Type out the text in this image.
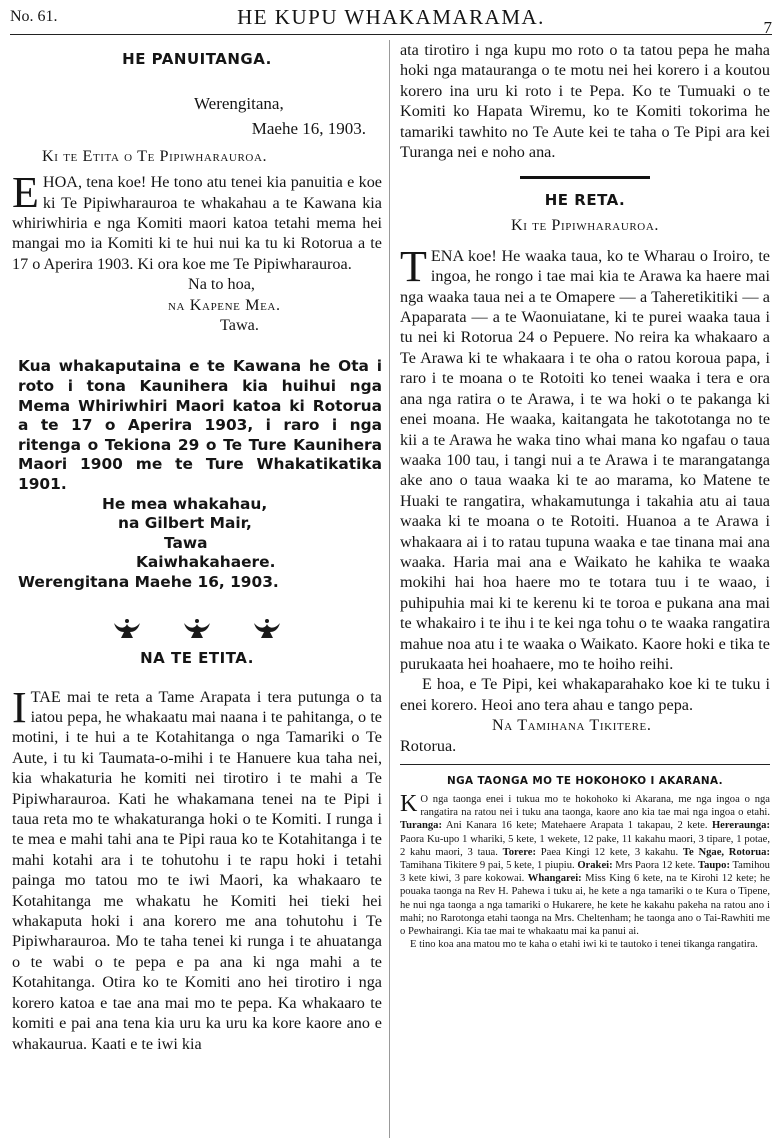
No. 61.	HE KUPU WHAKAMARAMA.	7
HE PANUITANGA.

Werengitana,

Maehe 16, 1903.

Ki te Etita o Te Pipiwharauroa.

E HOA, tena koe! He tono atu tenei kia panuitia e koe ki Te Pipiwharauroa te whakahau a te Kawana kia whiriwhiria e nga Komiti maori katoa tetahi mema hei mangai mo ia Komiti ki te hui nui ka tu ki Rotorua a te 17 o Aperira 1903. Ki ora koe me Te Pipiwharauroa.

Na to hoa,

na Kapene Mea.

Tawa.

Kua whakaputaina e te Kawana he Ota i roto i tona Kaunihera kia huihui nga Mema Whiriwhiri Maori katoa ki Rotorua a te 17 o Aperira 1903, i raro i nga ritenga o Tekiona 29 o Te Ture Kaunihera Maori 1900 me te Ture Whakatikatika 1901.
He mea whakahau,
na Gilbert Mair,
Tawa
Kaiwhakahaere.
Werengitana Maehe 16, 1903.
NA TE ETITA.
I TAE mai te reta a Tame Arapata i tera putunga o ta iatou pepa, he whakaatu mai naana i te pahitanga, o te motini, i te hui a te Kotahitanga o nga Tamariki o Te Aute, i tu ki Taumata-o-mihi i te Hanuere kua taha nei, kia whakaturia he komiti nei tirotiro i te mahi a Te Pipiwharauroa. Kati he whakamana tenei na te Pipi i taua reta mo te whakaturanga hoki o te Komiti. I runga i te mea e mahi tahi ana te Pipi raua ko te Kotahitanga i te mahi kotahi ara i te tohutohu i te rapu hoki i tetahi painga mo tatou mo te iwi Maori, ka whakaaro te Kotahitanga me whakatu he Komiti hei tieki hei whakaputa hoki i ana korero me ana tohutohu i Te Pipiwharauroa. Mo te taha tenei ki runga i te ahuatanga o te wabi o te pepa e pa ana ki nga mahi a te Kotahitanga. Otira ko te Komiti ano hei tirotiro i nga korero katoa e tae ana mai mo te pepa. Ka whakaaro te komiti e pai ana tena kia uru ka uru ka kore kaore ano e whakaurua. Kaati e te iwi kia

ata tirotiro i nga kupu mo roto o ta tatou pepa he maha hoki nga matauranga o te motu nei hei korero i a koutou korero ina uru ki roto i te Pepa. Ko te Tumuaki o te Komiti ko Hapata Wiremu, ko te Komiti tokorima he tamariki tawhito no Te Aute kei te taha o Te Pipi ara kei Turanga nei e noho ana.

HE RETA.

Ki te Pipiwharauroa.

T ENA koe! He waaka taua, ko te Wharau o Iroiro, te ingoa, he rongo i tae mai kia te Arawa ka haere mai nga waaka taua nei a te Omapere — a Taheretikitiki — a Apaparata — a te Waonuiatane, ki te purei waaka taua i tu nei ki Rotorua 24 o Pepuere. No reira ka whakaaro a Te Arawa ki te whakaara i te oha o ratou koroua papa, i raro i te moana o te Rotoiti ko tenei waaka i tera e ora ana nga ratira o te Arawa, i te wa hoki o te pakanga ki enei moana. He waaka, kaitangata he takototanga no te kii a te Arawa he waka tino whai mana ko ngafau o taua waaka 100 tau, i tangi nui a te Arawa i te marangatanga ake ano o taua waaka ki te ao marama, ko Matene te Huaki te rangatira, whakamutunga i takahia atu ai taua waaka ki te moana o te Rotoiti. Huanoa a te Arawa i whakaara ai i to ratau tupuna waaka e tae tinana mai ana waaka. Haria mai ana e Waikato he kahika te waaka mokihi hai hoa haere mo te totara tuu i te waao, i puhipuhia mai ki te kerenu ki te toroa e pukana ana mai te whakairo i te ihu i te kei nga tohu o te waaka rangatira mahue noa atu i te waaka o Waikato. Kaore hoki e tika te purukaata hei hoahaere, mo te hoiho reihi.

E hoa, e Te Pipi, kei whakaparahako koe ki te tuku i enei korero. Heoi ano tera ahau e tango pepa.

Na Tamihana Tikitere.

Rotorua.

NGA TAONGA MO TE HOKOHOKO I AKARANA.
K O nga taonga enei i tukua mo te hokohoko ki Akarana, me nga ingoa o nga rangatira na ratou nei i tuku ana taonga, kaore ano kia tae mai nga ingoa o etahi. Turanga: Ani Kanara 16 kete; Matehaere Arapata 1 takapau, 2 kete. Hereraunga: Paora Ku-upo 1 whariki, 5 kete, 1 wekete, 12 pake, 11 kakahu maori, 3 tipare, 1 potae, 2 kahu maori, 3 taua. Torere: Paea Kingi 12 kete, 3 kakahu. Te Ngae, Rotorua: Tamihana Tikitere 9 pai, 5 kete, 1 piupiu. Orakei: Mrs Paora 12 kete. Taupo: Tamihou 3 kete kiwi, 3 pare kokowai. Whangarei: Miss King 6 kete, na te Kirohi 12 kete; he pouaka taonga na Rev H. Pahewa i tuku ai, he kete a nga tamariki o te Kura o Tipene, he nui nga taonga a nga tamariki o Hukarere, he kete he kakahu pakeha na ratou ano i mahi; no Rarotonga etahi taonga na Mrs. Cheltenham; he taonga ano o Tai-Rawhiti me o Pewhairangi. Kia tae mai te whakaatu mai ka panui ai.

E tino koa ana matou mo te kaha o etahi iwi ki te tautoko i tenei tikanga rangatira.
